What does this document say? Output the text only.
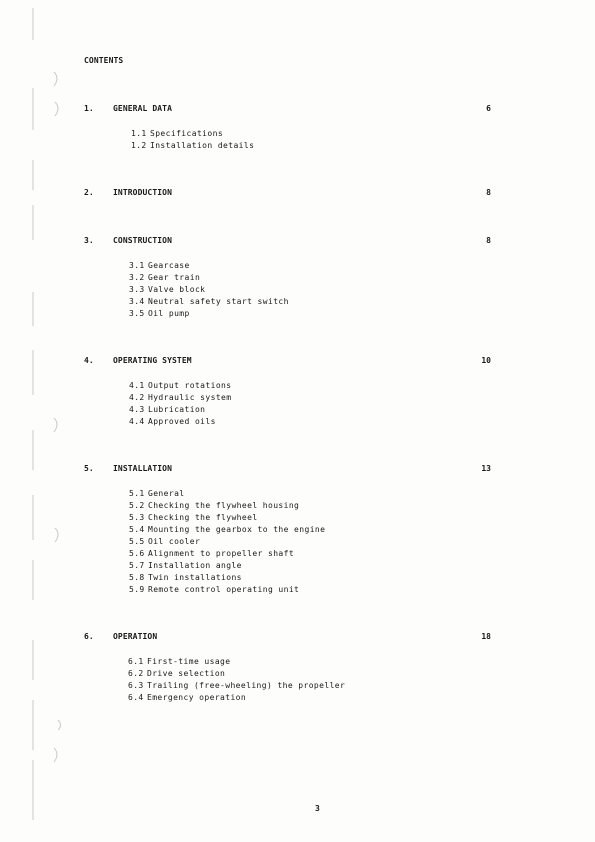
CONTENTS
1. GENERAL DATA	6
1.1 Specifications
1.2 Installation details
2. INTRODUCTION	8
3. CONSTRUCTION	8
3.1 Gearcase
3.2 Gear train
3.3 Valve block
3.4 Neutral safety start switch
3.5 Oil pump
4. OPERATING SYSTEM	10
4.1 Output rotations
4.2 Hydraulic system
4.3 Lubrication
4.4 Approved oils
5. INSTALLATION	13
5.1 General
5.2 Checking the flywheel housing
5.3 Checking the flywheel
5.4 Mounting the gearbox to the engine
5.5 Oil cooler
5.6 Alignment to propeller shaft
5.7 Installation angle
5.8 Twin installations
5.9 Remote control operating unit
6. OPERATION	18
6.1 First-time usage
6.2 Drive selection
6.3 Trailing (free-wheeling) the propeller
6.4 Emergency operation
3
